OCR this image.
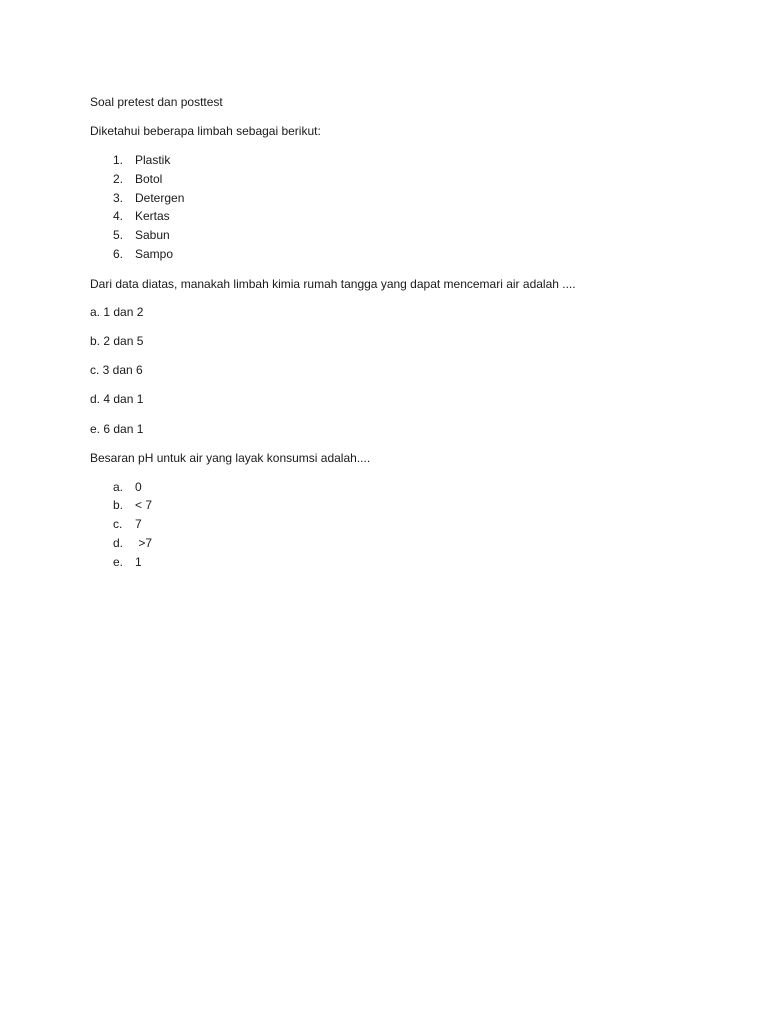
Soal pretest dan posttest

Diketahui beberapa limbah sebagai berikut:

1. Plastik
2. Botol
3. Detergen
4. Kertas
5. Sabun
6. Sampo

Dari data diatas, manakah limbah kimia rumah tangga yang dapat mencemari air adalah ....

a. 1 dan 2

b. 2 dan 5

c. 3 dan 6

d. 4 dan 1

e. 6 dan 1

Besaran pH untuk air yang layak konsumsi adalah....

a. 0
b. < 7
c.	7
d. >7
e. 1
